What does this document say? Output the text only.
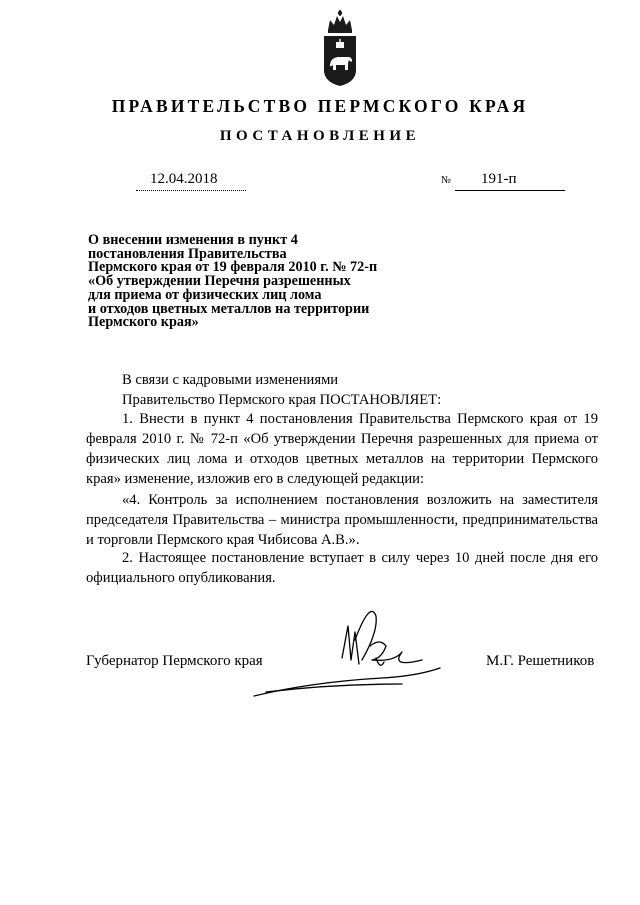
ПРАВИТЕЛЬСТВО ПЕРМСКОГО КРАЯ
ПОСТАНОВЛЕНИЕ
12.04.2018	№ 191-п
О внесении изменения в пункт 4
постановления Правительства
Пермского края от 19 февраля 2010 г. № 72-п
«Об утверждении Перечня разрешенных
для приема от физических лиц лома
и отходов цветных металлов на территории
Пермского края»

В связи с кадровыми изменениями

Правительство Пермского края ПОСТАНОВЛЯЕТ:

1. Внести в пункт 4 постановления Правительства Пермского края от 19 февраля 2010 г. № 72-п «Об утверждении Перечня разрешенных для приема от физических лиц лома и отходов цветных металлов на территории Пермского края» изменение, изложив его в следующей редакции:

«4. Контроль за исполнением постановления возложить на заместителя председателя Правительства – министра промышленности, предпринимательства и торговли Пермского края Чибисова А.В.».

2. Настоящее постановление вступает в силу через 10 дней после дня его официального опубликования.

Губернатор Пермского края	М.Г. Решетников
